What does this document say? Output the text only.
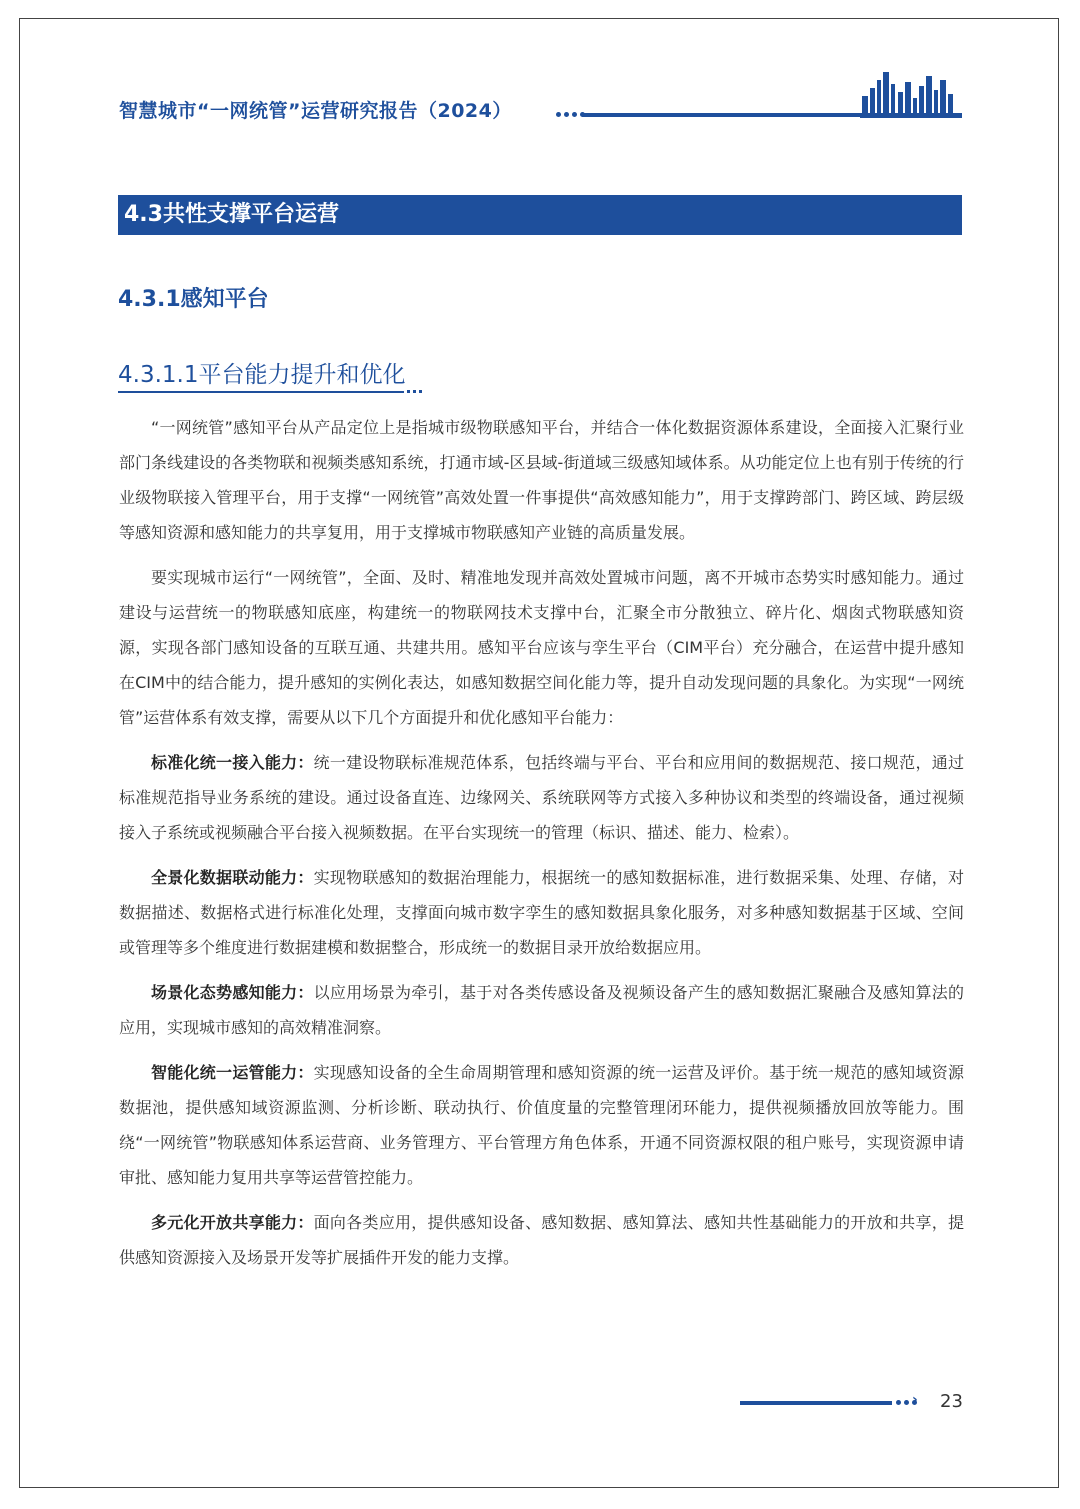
智慧城市“一网统管”运营研究报告（2024）
4.3共性支撑平台运营
4.3.1感知平台
4.3.1.1平台能力提升和优化

“一网统管”感知平台从产品定位上是指城市级物联感知平台，并结合一体化数据资源体系建设，全面接入汇聚行业部门条线建设的各类物联和视频类感知系统，打通市域-区县域-街道域三级感知域体系。从功能定位上也有别于传统的行业级物联接入管理平台，用于支撑“一网统管”高效处置一件事提供“高效感知能力”，用于支撑跨部门、跨区域、跨层级等感知资源和感知能力的共享复用，用于支撑城市物联感知产业链的高质量发展。

要实现城市运行“一网统管”，全面、及时、精准地发现并高效处置城市问题，离不开城市态势实时感知能力。通过建设与运营统一的物联感知底座，构建统一的物联网技术支撑中台，汇聚全市分散独立、碎片化、烟囱式物联感知资源，实现各部门感知设备的互联互通、共建共用。感知平台应该与孪生平台（CIM平台）充分融合，在运营中提升感知在CIM中的结合能力，提升感知的实例化表达，如感知数据空间化能力等，提升自动发现问题的具象化。为实现“一网统管”运营体系有效支撑，需要从以下几个方面提升和优化感知平台能力：

标准化统一接入能力：统一建设物联标准规范体系，包括终端与平台、平台和应用间的数据规范、接口规范，通过标准规范指导业务系统的建设。通过设备直连、边缘网关、系统联网等方式接入多种协议和类型的终端设备，通过视频接入子系统或视频融合平台接入视频数据。在平台实现统一的管理（标识、描述、能力、检索）。

全景化数据联动能力：实现物联感知的数据治理能力，根据统一的感知数据标准，进行数据采集、处理、存储，对数据描述、数据格式进行标准化处理，支撑面向城市数字孪生的感知数据具象化服务，对多种感知数据基于区域、空间或管理等多个维度进行数据建模和数据整合，形成统一的数据目录开放给数据应用。

场景化态势感知能力：以应用场景为牵引，基于对各类传感设备及视频设备产生的感知数据汇聚融合及感知算法的应用，实现城市感知的高效精准洞察。

智能化统一运管能力：实现感知设备的全生命周期管理和感知资源的统一运营及评价。基于统一规范的感知域资源数据池，提供感知域资源监测、分析诊断、联动执行、价值度量的完整管理闭环能力，提供视频播放回放等能力。围绕“一网统管”物联感知体系运营商、业务管理方、平台管理方角色体系，开通不同资源权限的租户账号，实现资源申请审批、感知能力复用共享等运营管控能力。

多元化开放共享能力：面向各类应用，提供感知设备、感知数据、感知算法、感知共性基础能力的开放和共享，提供感知资源接入及场景开发等扩展插件开发的能力支撑。

› 23
